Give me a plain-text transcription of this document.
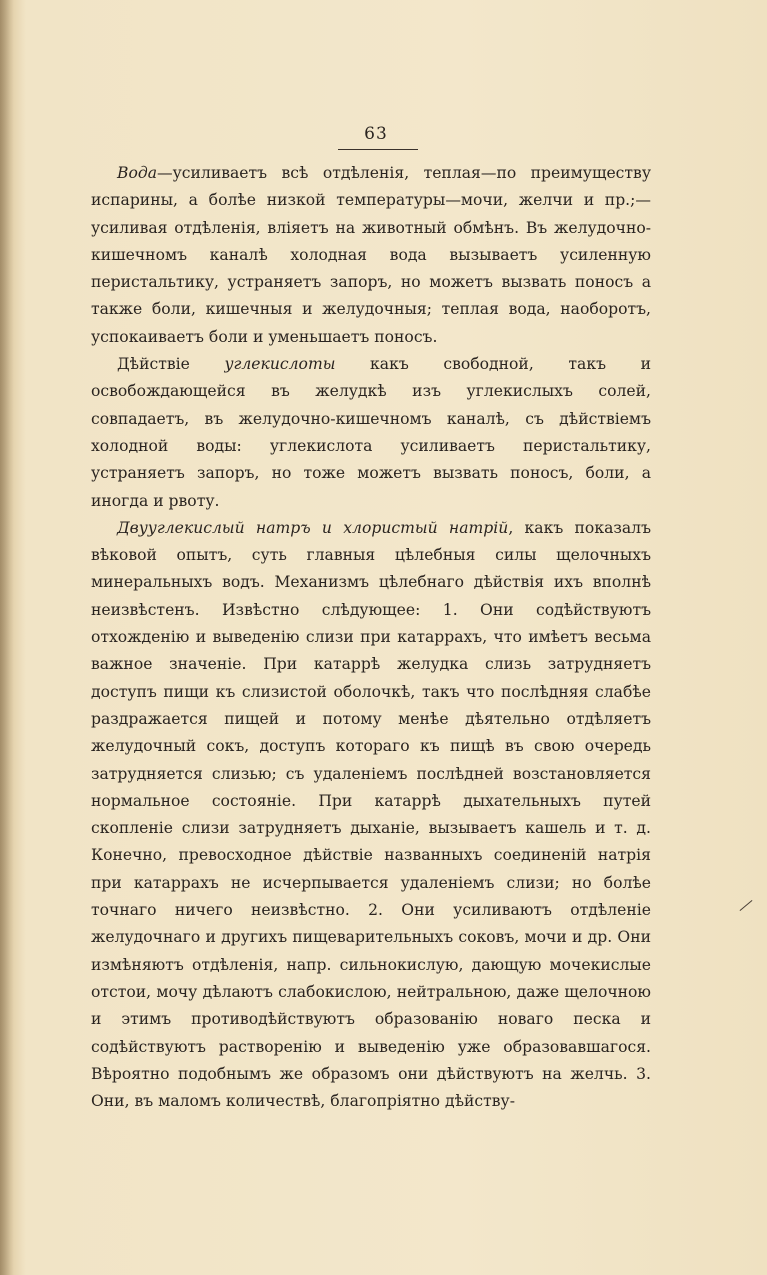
63

Вода—усиливаетъ всѣ отдѣленія, теплая—по преимуществу испарины, а болѣе низкой температуры—мочи, желчи и пр.;—усиливая отдѣленія, вліяетъ на животный обмѣнъ. Въ желудочно-кишечномъ каналѣ холодная вода вызываетъ усиленную перистальтику, устраняетъ запоръ, но можетъ вызвать поносъ а также боли, кишечныя и желудочныя; теплая вода, наоборотъ, успокаиваетъ боли и уменьшаетъ поносъ.

Дѣйствіе углекислоты какъ свободной, такъ и освобождающейся въ желудкѣ изъ углекислыхъ солей, совпадаетъ, въ желудочно-кишечномъ каналѣ, съ дѣйствіемъ холодной воды: углекислота усиливаетъ перистальтику, устраняетъ запоръ, но тоже можетъ вызвать поносъ, боли, а иногда и рвоту.

Двууглекислый натръ и хлористый натрій, какъ показалъ вѣковой опытъ, суть главныя цѣлебныя силы щелочныхъ минеральныхъ водъ. Механизмъ цѣлебнаго дѣйствія ихъ вполнѣ неизвѣстенъ. Извѣстно слѣдующее: 1. Они содѣйствуютъ отхожденію и выведенію слизи при катаррахъ, что имѣетъ весьма важное значеніе. При катаррѣ желудка слизь затрудняетъ доступъ пищи къ слизистой оболочкѣ, такъ что послѣдняя слабѣе раздражается пищей и потому менѣе дѣятельно отдѣляетъ желудочный сокъ, доступъ котораго къ пищѣ въ свою очередь затрудняется слизью; съ удаленіемъ послѣдней возстановляется нормальное состояніе. При катаррѣ дыхательныхъ путей скопленіе слизи затрудняетъ дыханіе, вызываетъ кашель и т. д. Конечно, превосходное дѣйствіе названныхъ соединеній натрія при катаррахъ не исчерпывается удаленіемъ слизи; но болѣе точнаго ничего неизвѣстно. 2. Они усиливаютъ отдѣленіе желудочнаго и другихъ пищеварительныхъ соковъ, мочи и др. Они измѣняютъ отдѣленія, напр. сильнокислую, дающую мочекислые отстои, мочу дѣлаютъ слабокислою, нейтральною, даже щелочною и этимъ противодѣйствуютъ образованію новаго песка и содѣйствуютъ растворенію и выведенію уже образовавшагося. Вѣроятно подобнымъ же образомъ они дѣйствуютъ на желчь. 3. Они, въ маломъ количествѣ, благопріятно дѣйству-
